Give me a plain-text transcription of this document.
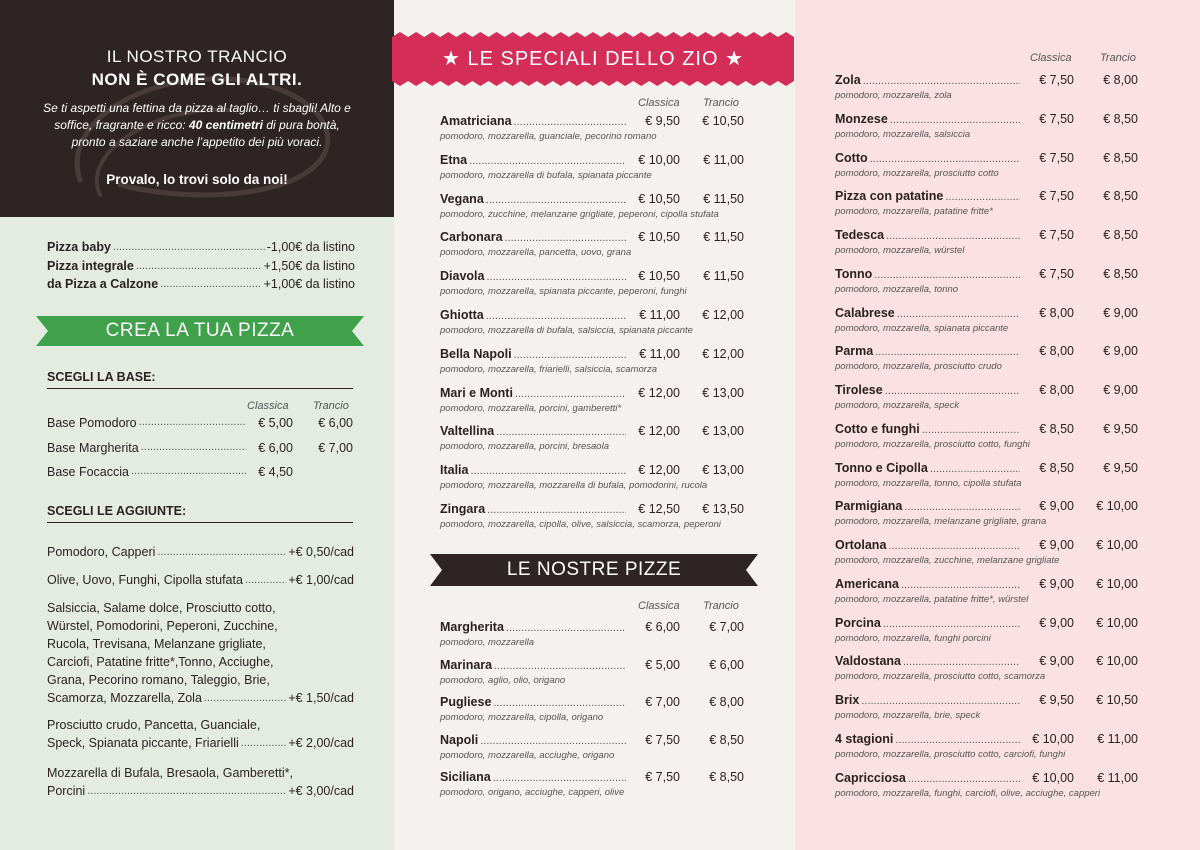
IL NOSTRO TRANCIO
NON È COME GLI ALTRI.
Se ti aspetti una fettina da pizza al taglio… ti sbagli! Alto e soffice, fragrante e ricco: 40 centimetri di pura bontà, pronto a saziare anche l’appetito dei più voraci.
Provalo, lo trovi solo da noi!
Pizza baby .....	-1,00€ da listino
Pizza integrale .....	+1,50€ da listino
da Pizza a Calzone .....	+1,00€ da listino
CREA LA TUA PIZZA
SCEGLI LA BASE:
Classica Trancio
Base Pomodoro .....	€ 5,00	€ 6,00
Base Margherita .....	€ 6,00	€ 7,00
Base Focaccia .....	€ 4,50
SCEGLI LE AGGIUNTE:
Pomodoro, Capperi .....	+€ 0,50/cad
Olive, Uovo, Funghi, Cipolla stufata .....	+€ 1,00/cad
Salsiccia, Salame dolce, Prosciutto cotto,
Würstel, Pomodorini, Peperoni, Zucchine,
Rucola, Trevisana, Melanzane grigliate,
Carciofi, Patatine fritte*,Tonno, Acciughe,
Grana, Pecorino romano, Taleggio, Brie,
Scamorza, Mozzarella, Zola .....	+€ 1,50/cad
Prosciutto crudo, Pancetta, Guanciale,
Speck, Spianata piccante, Friarielli .....	+€ 2,00/cad
Mozzarella di Bufala, Bresaola, Gamberetti*,
Porcini .....	+€ 3,00/cad
★ LE SPECIALI DELLO ZIO ★
Classica Trancio
Amatriciana .....	€ 9,50	€ 10,50
pomodoro, mozzarella, guanciale, pecorino romano
Etna .....	€ 10,00	€ 11,00
pomodoro, mozzarella di bufala, spianata piccante
Vegana .....	€ 10,50	€ 11,50
pomodoro, zucchine, melanzane grigliate, peperoni, cipolla stufata
Carbonara .....	€ 10,50	€ 11,50
pomodoro, mozzarella, pancetta, uovo, grana
Diavola .....	€ 10,50	€ 11,50
pomodoro, mozzarella, spianata piccante, peperoni, funghi
Ghiotta .....	€ 11,00	€ 12,00
pomodoro, mozzarella di bufala, salsiccia, spianata piccante
Bella Napoli .....	€ 11,00	€ 12,00
pomodoro, mozzarella, friarielli, salsiccia, scamorza
Mari e Monti .....	€ 12,00	€ 13,00
pomodoro, mozzarella, porcini, gamberetti*
Valtellina .....	€ 12,00	€ 13,00
pomodoro, mozzarella, porcini, bresaola
Italia .....	€ 12,00	€ 13,00
pomodoro, mozzarella, mozzarella di bufala, pomodorini, rucola
Zingara .....	€ 12,50	€ 13,50
pomodoro, mozzarella, cipolla, olive, salsiccia, scamorza, peperoni
LE NOSTRE PIZZE
Classica Trancio
Margherita .....	€ 6,00	€ 7,00
pomodoro, mozzarella
Marinara .....	€ 5,00	€ 6,00
pomodoro, aglio, olio, origano
Pugliese .....	€ 7,00	€ 8,00
pomodoro, mozzarella, cipolla, origano
Napoli .....	€ 7,50	€ 8,50
pomodoro, mozzarella, acciughe, origano
Siciliana .....	€ 7,50	€ 8,50
pomodoro, origano, acciughe, capperi, olive
Classica	Trancio
Zola .....	€ 7,50	€ 8,00
pomodoro, mozzarella, zola
Monzese .....	€ 7,50	€ 8,50
pomodoro, mozzarella, salsiccia
Cotto .....	€ 7,50	€ 8,50
pomodoro, mozzarella, prosciutto cotto
Pizza con patatine .....	€ 7,50	€ 8,50
pomodoro, mozzarella, patatine fritte*
Tedesca .....	€ 7,50	€ 8,50
pomodoro, mozzarella, würstel
Tonno .....	€ 7,50	€ 8,50
pomodoro, mozzarella, tonno
Calabrese .....	€ 8,00	€ 9,00
pomodoro, mozzarella, spianata piccante
Parma .....	€ 8,00	€ 9,00
pomodoro, mozzarella, prosciutto crudo
Tirolese .....	€ 8,00	€ 9,00
pomodoro, mozzarella, speck
Cotto e funghi .....	€ 8,50	€ 9,50
pomodoro, mozzarella, prosciutto cotto, funghi
Tonno e Cipolla .....	€ 8,50	€ 9,50
pomodoro, mozzarella, tonno, cipolla stufata
Parmigiana .....	€ 9,00	€ 10,00
pomodoro, mozzarella, melanzane grigliate, grana
Ortolana .....	€ 9,00	€ 10,00
pomodoro, mozzarella, zucchine, melanzane grigliate
Americana .....	€ 9,00	€ 10,00
pomodoro, mozzarella, patatine fritte*, würstel
Porcina .....	€ 9,00	€ 10,00
pomodoro, mozzarella, funghi porcini
Valdostana .....	€ 9,00	€ 10,00
pomodoro, mozzarella, prosciutto cotto, scamorza
Brix .....	€ 9,50	€ 10,50
pomodoro, mozzarella, brie, speck
4 stagioni .....	€ 10,00	€ 11,00
pomodoro, mozzarella, prosciutto cotto, carciofi, funghi
Capricciosa .....	€ 10,00	€ 11,00
pomodoro, mozzarella, funghi, carciofi, olive, acciughe, capperi
